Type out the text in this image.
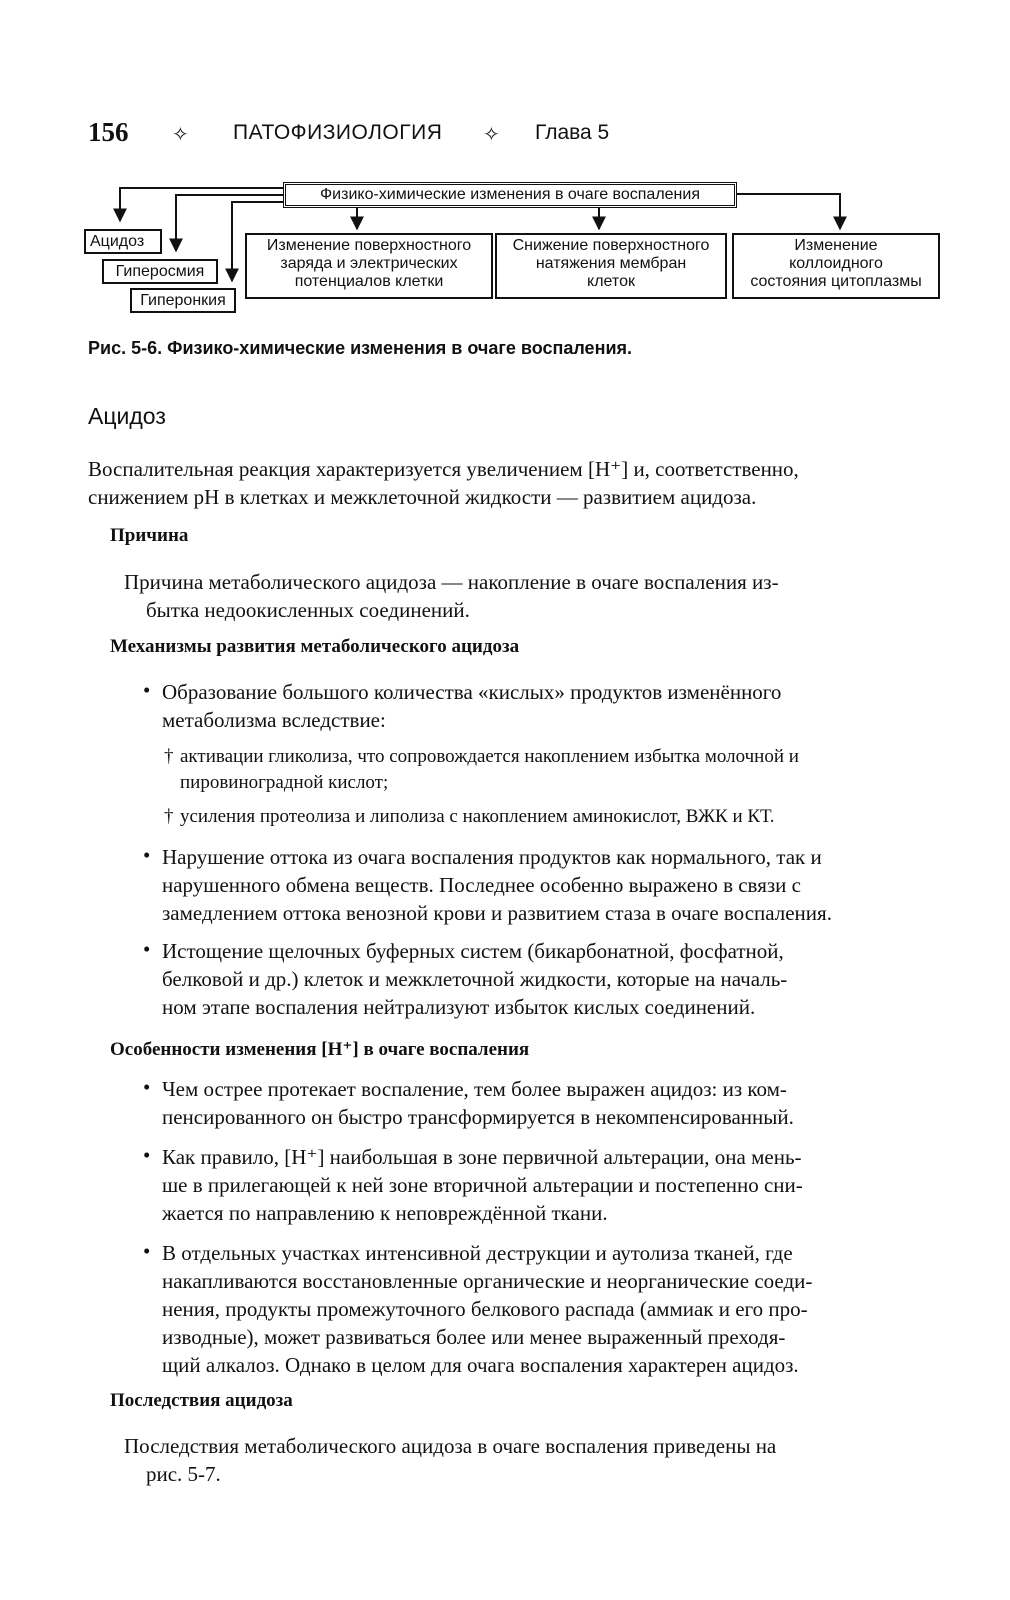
156 ✧ ПАТОФИЗИОЛОГИЯ ✧ Глава 5
Физико-химические изменения в очаге воспаления
Ацидоз
Гиперосмия
Гиперонкия
Изменение поверхностного
заряда и электрических
потенциалов клетки
Снижение поверхностного
натяжения мембран
клеток
Изменение
коллоидного
состояния цитоплазмы
Рис. 5-6. Физико-химические изменения в очаге воспаления.
Ацидоз
Воспалительная реакция характеризуется увеличением [H⁺] и, соответственно,
снижением pH в клетках и межклеточной жидкости — развитием ацидоза.
Причина
Причина метаболического ацидоза — накопление в очаге воспаления из-
бытка недоокисленных соединений.
Механизмы развития метаболического ацидоза
• Образование большого количества «кислых» продуктов изменённого
метаболизма вследствие:
† активации гликолиза, что сопровождается накоплением избытка молочной и
пировиноградной кислот;
† усиления протеолиза и липолиза с накоплением аминокислот, ВЖК и КТ.
• Нарушение оттока из очага воспаления продуктов как нормального, так и
нарушенного обмена веществ. Последнее особенно выражено в связи с
замедлением оттока венозной крови и развитием стаза в очаге воспаления.
• Истощение щелочных буферных систем (бикарбонатной, фосфатной,
белковой и др.) клеток и межклеточной жидкости, которые на началь-
ном этапе воспаления нейтрализуют избыток кислых соединений.
Особенности изменения [H⁺] в очаге воспаления
• Чем острее протекает воспаление, тем более выражен ацидоз: из ком-
пенсированного он быстро трансформируется в некомпенсированный.
• Как правило, [H⁺] наибольшая в зоне первичной альтерации, она мень-
ше в прилегающей к ней зоне вторичной альтерации и постепенно сни-
жается по направлению к неповреждённой ткани.
• В отдельных участках интенсивной деструкции и аутолиза тканей, где
накапливаются восстановленные органические и неорганические соеди-
нения, продукты промежуточного белкового распада (аммиак и его про-
изводные), может развиваться более или менее выраженный преходя-
щий алкалоз. Однако в целом для очага воспаления характерен ацидоз.
Последствия ацидоза
Последствия метаболического ацидоза в очаге воспаления приведены на
рис. 5-7.
